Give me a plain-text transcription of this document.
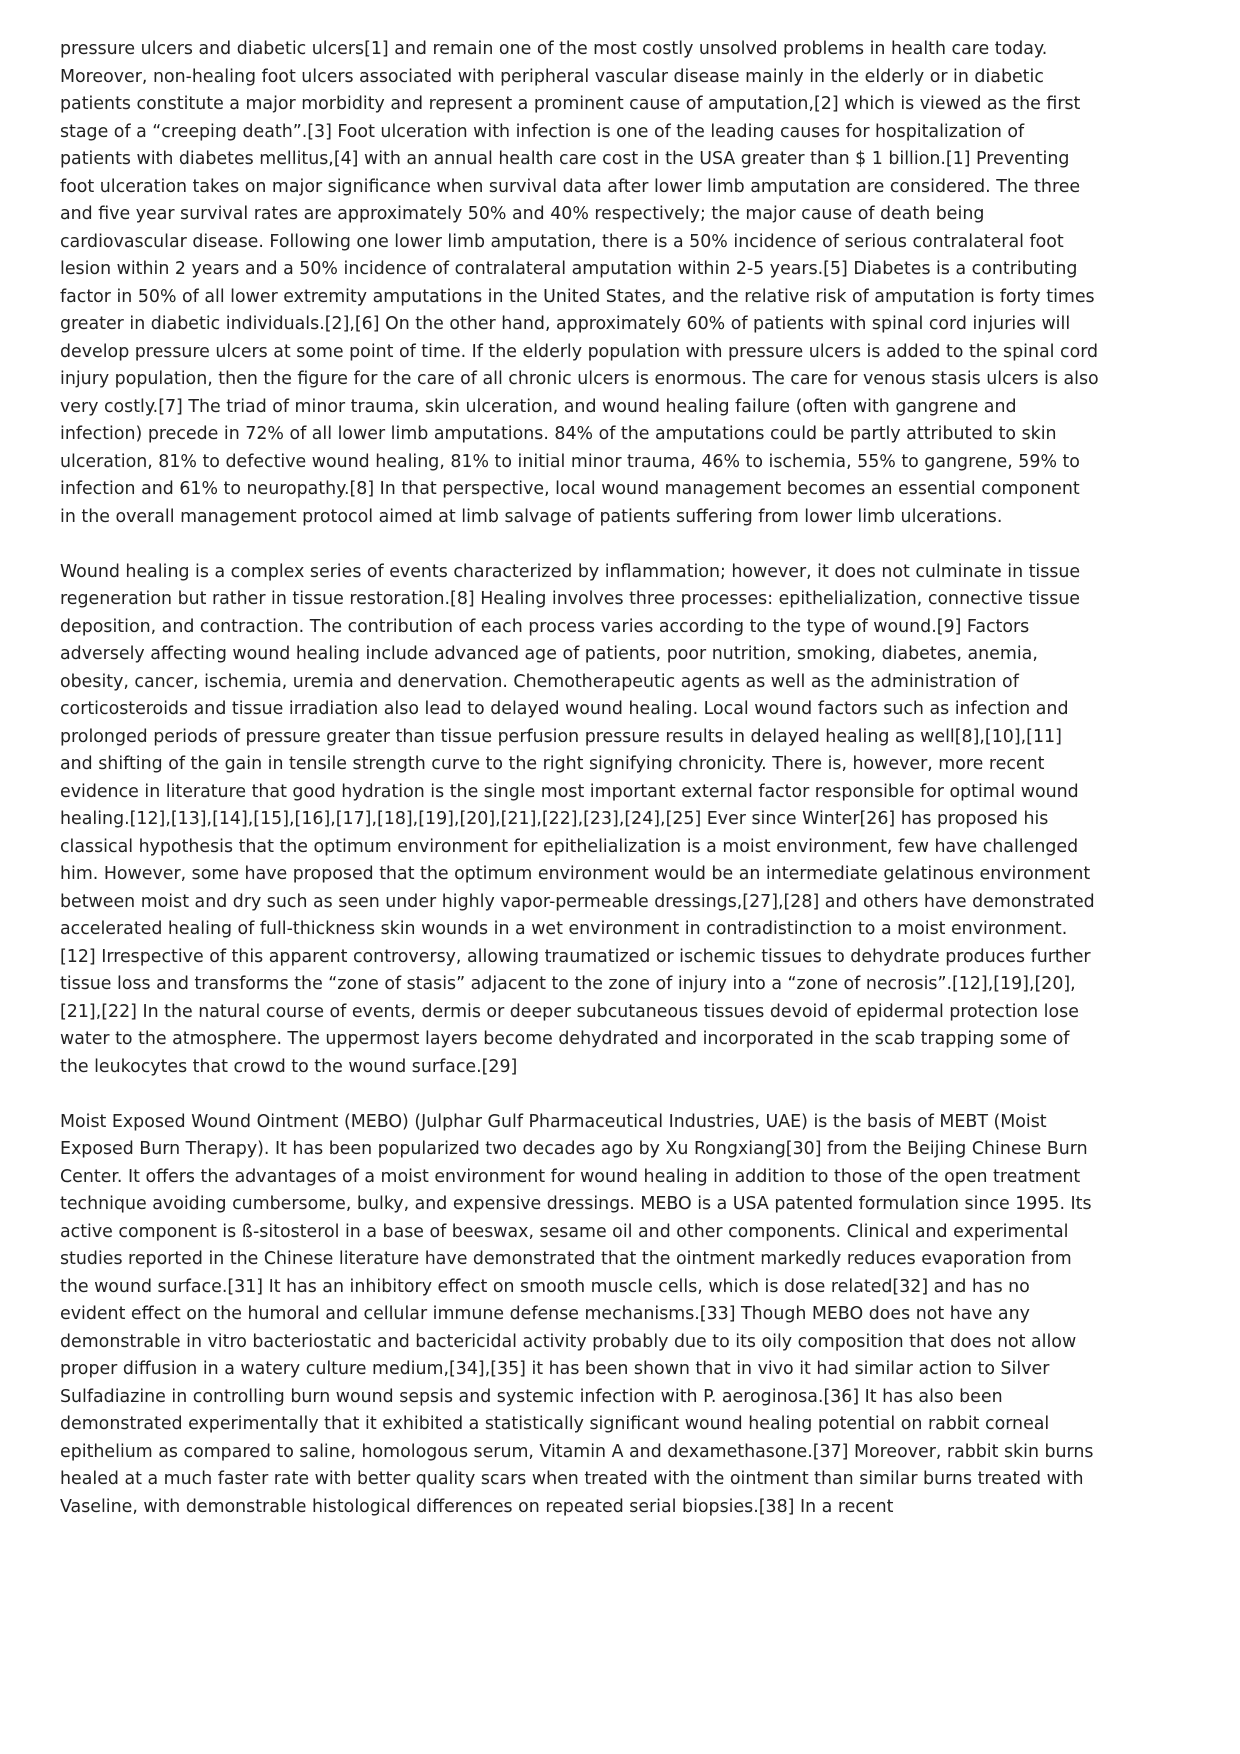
pressure ulcers and diabetic ulcers[1] and remain one of the most costly unsolved problems in health care today. Moreover, non-healing foot ulcers associated with peripheral vascular disease mainly in the elderly or in diabetic patients constitute a major morbidity and represent a prominent cause of amputation,[2] which is viewed as the first stage of a “creeping death”.[3] Foot ulceration with infection is one of the leading causes for hospitalization of patients with diabetes mellitus,[4] with an annual health care cost in the USA greater than $ 1 billion.[1] Preventing foot ulceration takes on major significance when survival data after lower limb amputation are considered. The three and five year survival rates are approximately 50% and 40% respectively; the major cause of death being cardiovascular disease. Following one lower limb amputation, there is a 50% incidence of serious contralateral foot lesion within 2 years and a 50% incidence of contralateral amputation within 2-5 years.[5] Diabetes is a contributing factor in 50% of all lower extremity amputations in the United States, and the relative risk of amputation is forty times greater in diabetic individuals.[2],[6] On the other hand, approximately 60% of patients with spinal cord injuries will develop pressure ulcers at some point of time. If the elderly population with pressure ulcers is added to the spinal cord injury population, then the figure for the care of all chronic ulcers is enormous. The care for venous stasis ulcers is also very costly.[7] The triad of minor trauma, skin ulceration, and wound healing failure (often with gangrene and infection) precede in 72% of all lower limb amputations. 84% of the amputations could be partly attributed to skin ulceration, 81% to defective wound healing, 81% to initial minor trauma, 46% to ischemia, 55% to gangrene, 59% to infection and 61% to neuropathy.[8] In that perspective, local wound management becomes an essential component in the overall management protocol aimed at limb salvage of patients suffering from lower limb ulcerations.

Wound healing is a complex series of events characterized by inflammation; however, it does not culminate in tissue regeneration but rather in tissue restoration.[8] Healing involves three processes: epithelialization, connective tissue deposition, and contraction. The contribution of each process varies according to the type of wound.[9] Factors adversely affecting wound healing include advanced age of patients, poor nutrition, smoking, diabetes, anemia, obesity, cancer, ischemia, uremia and denervation. Chemotherapeutic agents as well as the administration of corticosteroids and tissue irradiation also lead to delayed wound healing. Local wound factors such as infection and prolonged periods of pressure greater than tissue perfusion pressure results in delayed healing as well[8],[10],[11] and shifting of the gain in tensile strength curve to the right signifying chronicity. There is, however, more recent evidence in literature that good hydration is the single most important external factor responsible for optimal wound healing.[12],[13],[14],[15],[16],[17],[18],[19],[20],[21],[22],[23],[24],[25] Ever since Winter[26] has proposed his classical hypothesis that the optimum environment for epithelialization is a moist environment, few have challenged him. However, some have proposed that the optimum environment would be an intermediate gelatinous environment between moist and dry such as seen under highly vapor-permeable dressings,[27],[28] and others have demonstrated accelerated healing of full-thickness skin wounds in a wet environment in contradistinction to a moist environment.[12] Irrespective of this apparent controversy, allowing traumatized or ischemic tissues to dehydrate produces further tissue loss and transforms the “zone of stasis” adjacent to the zone of injury into a “zone of necrosis”.[12],[19],[20],[21],[22] In the natural course of events, dermis or deeper subcutaneous tissues devoid of epidermal protection lose water to the atmosphere. The uppermost layers become dehydrated and incorporated in the scab trapping some of the leukocytes that crowd to the wound surface.[29]

Moist Exposed Wound Ointment (MEBO) (Julphar Gulf Pharmaceutical Industries, UAE) is the basis of MEBT (Moist Exposed Burn Therapy). It has been popularized two decades ago by Xu Rongxiang[30] from the Beijing Chinese Burn Center. It offers the advantages of a moist environment for wound healing in addition to those of the open treatment technique avoiding cumbersome, bulky, and expensive dressings. MEBO is a USA patented formulation since 1995. Its active component is ß-sitosterol in a base of beeswax, sesame oil and other components. Clinical and experimental studies reported in the Chinese literature have demonstrated that the ointment markedly reduces evaporation from the wound surface.[31] It has an inhibitory effect on smooth muscle cells, which is dose related[32] and has no evident effect on the humoral and cellular immune defense mechanisms.[33] Though MEBO does not have any demonstrable in vitro bacteriostatic and bactericidal activity probably due to its oily composition that does not allow proper diffusion in a watery culture medium,[34],[35] it has been shown that in vivo it had similar action to Silver Sulfadiazine in controlling burn wound sepsis and systemic infection with P. aeroginosa.[36] It has also been demonstrated experimentally that it exhibited a statistically significant wound healing potential on rabbit corneal epithelium as compared to saline, homologous serum, Vitamin A and dexamethasone.[37] Moreover, rabbit skin burns healed at a much faster rate with better quality scars when treated with the ointment than similar burns treated with Vaseline, with demonstrable histological differences on repeated serial biopsies.[38] In a recent
